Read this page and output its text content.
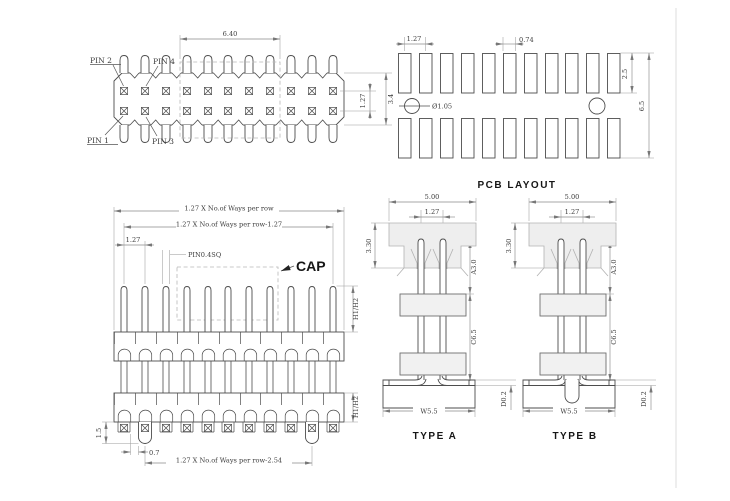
6.40
1.27	3.4
PIN 2	PIN 4
PIN 1	PIN 3
Ø1.05
1.27	0.74
2.5
6.5
PCB LAYOUT
1.27 X No.of Ways per row
1.27 X No.of Ways per row-1.27
1.27
PIN0.4SQ
CAP
H1/H2
H1/H2
1.5
0.7
1.27 X No.of Ways per row-2.54
5.00
1.27
3.30
A3.0
C6.5
D0.2
W5.5
TYPE A
5.00
1.27
3.30
A3.0
C6.5
D0.2
W5.5
TYPE B
